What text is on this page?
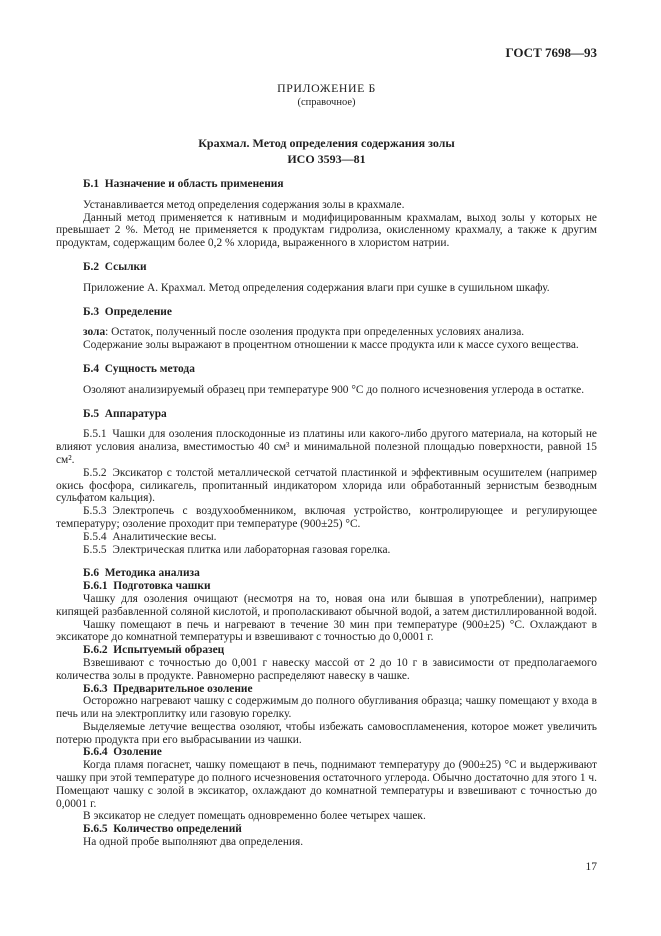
ГОСТ 7698—93
ПРИЛОЖЕНИЕ Б
(справочное)
Крахмал. Метод определения содержания золы
ИСО 3593—81
Б.1 Назначение и область применения
Устанавливается метод определения содержания золы в крахмале.
Данный метод применяется к нативным и модифицированным крахмалам, выход золы у которых не превышает 2 %. Метод не применяется к продуктам гидролиза, окисленному крахмалу, а также к другим продуктам, содержащим более 0,2 % хлорида, выраженного в хлористом натрии.
Б.2 Ссылки
Приложение А. Крахмал. Метод определения содержания влаги при сушке в сушильном шкафу.
Б.3 Определение
зола: Остаток, полученный после озоления продукта при определенных условиях анализа.
Содержание золы выражают в процентном отношении к массе продукта или к массе сухого вещества.
Б.4 Сущность метода
Озоляют анализируемый образец при температуре 900 °С до полного исчезновения углерода в остатке.
Б.5 Аппаратура
Б.5.1 Чашки для озоления плоскодонные из платины или какого-либо другого материала, на который не влияют условия анализа, вместимостью 40 см³ и минимальной полезной площадью поверхности, равной 15 см².
Б.5.2 Эксикатор с толстой металлической сетчатой пластинкой и эффективным осушителем (например окись фосфора, силикагель, пропитанный индикатором хлорида или обработанный зернистым безводным сульфатом кальция).
Б.5.3 Электропечь с воздухообменником, включая устройство, контролирующее и регулирующее температуру; озоление проходит при температуре (900±25) °С.
Б.5.4 Аналитические весы.
Б.5.5 Электрическая плитка или лабораторная газовая горелка.
Б.6 Методика анализа
Б.6.1 Подготовка чашки
Чашку для озоления очищают (несмотря на то, новая она или бывшая в употреблении), например кипящей разбавленной соляной кислотой, и прополаскивают обычной водой, а затем дистиллированной водой.
Чашку помещают в печь и нагревают в течение 30 мин при температуре (900±25) °С. Охлаждают в эксикаторе до комнатной температуры и взвешивают с точностью до 0,0001 г.
Б.6.2 Испытуемый образец
Взвешивают с точностью до 0,001 г навеску массой от 2 до 10 г в зависимости от предполагаемого количества золы в продукте. Равномерно распределяют навеску в чашке.
Б.6.3 Предварительное озоление
Осторожно нагревают чашку с содержимым до полного обугливания образца; чашку помещают у входа в печь или на электроплитку или газовую горелку.
Выделяемые летучие вещества озоляют, чтобы избежать самовоспламенения, которое может увеличить потерю продукта при его выбрасывании из чашки.
Б.6.4 Озоление
Когда пламя погаснет, чашку помещают в печь, поднимают температуру до (900±25) °С и выдерживают чашку при этой температуре до полного исчезновения остаточного углерода. Обычно достаточно для этого 1 ч. Помещают чашку с золой в эксикатор, охлаждают до комнатной температуры и взвешивают с точностью до 0,0001 г.
В эксикатор не следует помещать одновременно более четырех чашек.
Б.6.5 Количество определений
На одной пробе выполняют два определения.
17
